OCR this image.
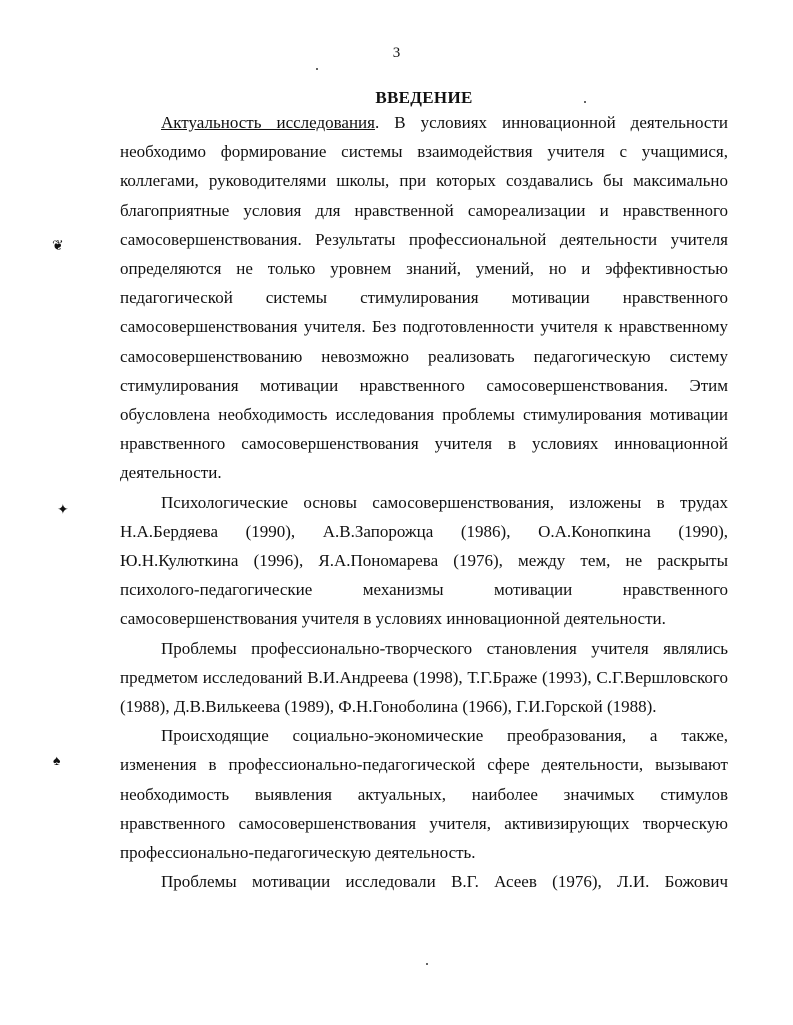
3
ВВЕДЕНИЕ

Актуальность исследования. В условиях инновационной деятельности необходимо формирование системы взаимодействия учителя с учащимися, коллегами, руководителями школы, при которых создавались бы максимально благоприятные условия для нравственной самореализации и нравственного самосовершенствования. Результаты профессиональной деятельности учителя определяются не только уровнем знаний, умений, но и эффективностью педагогической системы стимулирования мотивации нравственного самосовершенствования учителя. Без подготовленности учителя к нравственному самосовершенствованию невозможно реализовать педагогическую систему стимулирования мотивации нравственного самосовершенствования. Этим обусловлена необходимость исследования проблемы стимулирования мотивации нравственного самосовершенствования учителя в условиях инновационной деятельности.

Психологические основы самосовершенствования, изложены в трудах Н.А.Бердяева (1990), А.В.Запорожца (1986), О.А.Конопкина (1990), Ю.Н.Кулюткина (1996), Я.А.Пономарева (1976), между тем, не раскрыты психолого-педагогические механизмы мотивации нравственного самосовершенствования учителя в условиях инновационной деятельности.

Проблемы профессионально-творческого становления учителя являлись предметом исследований В.И.Андреева (1998), Т.Г.Браже (1993), С.Г.Вершловского (1988), Д.В.Вилькеева (1989), Ф.Н.Гоноболина (1966), Г.И.Горской (1988).

Происходящие социально-экономические преобразования, а также, изменения в профессионально-педагогической сфере деятельности, вызывают необходимость выявления актуальных, наиболее значимых стимулов нравственного самосовершенствования учителя, активизирующих творческую профессионально-педагогическую деятельность.

Проблемы мотивации исследовали В.Г. Асеев (1976), Л.И. Божович

❦
✦
♠
